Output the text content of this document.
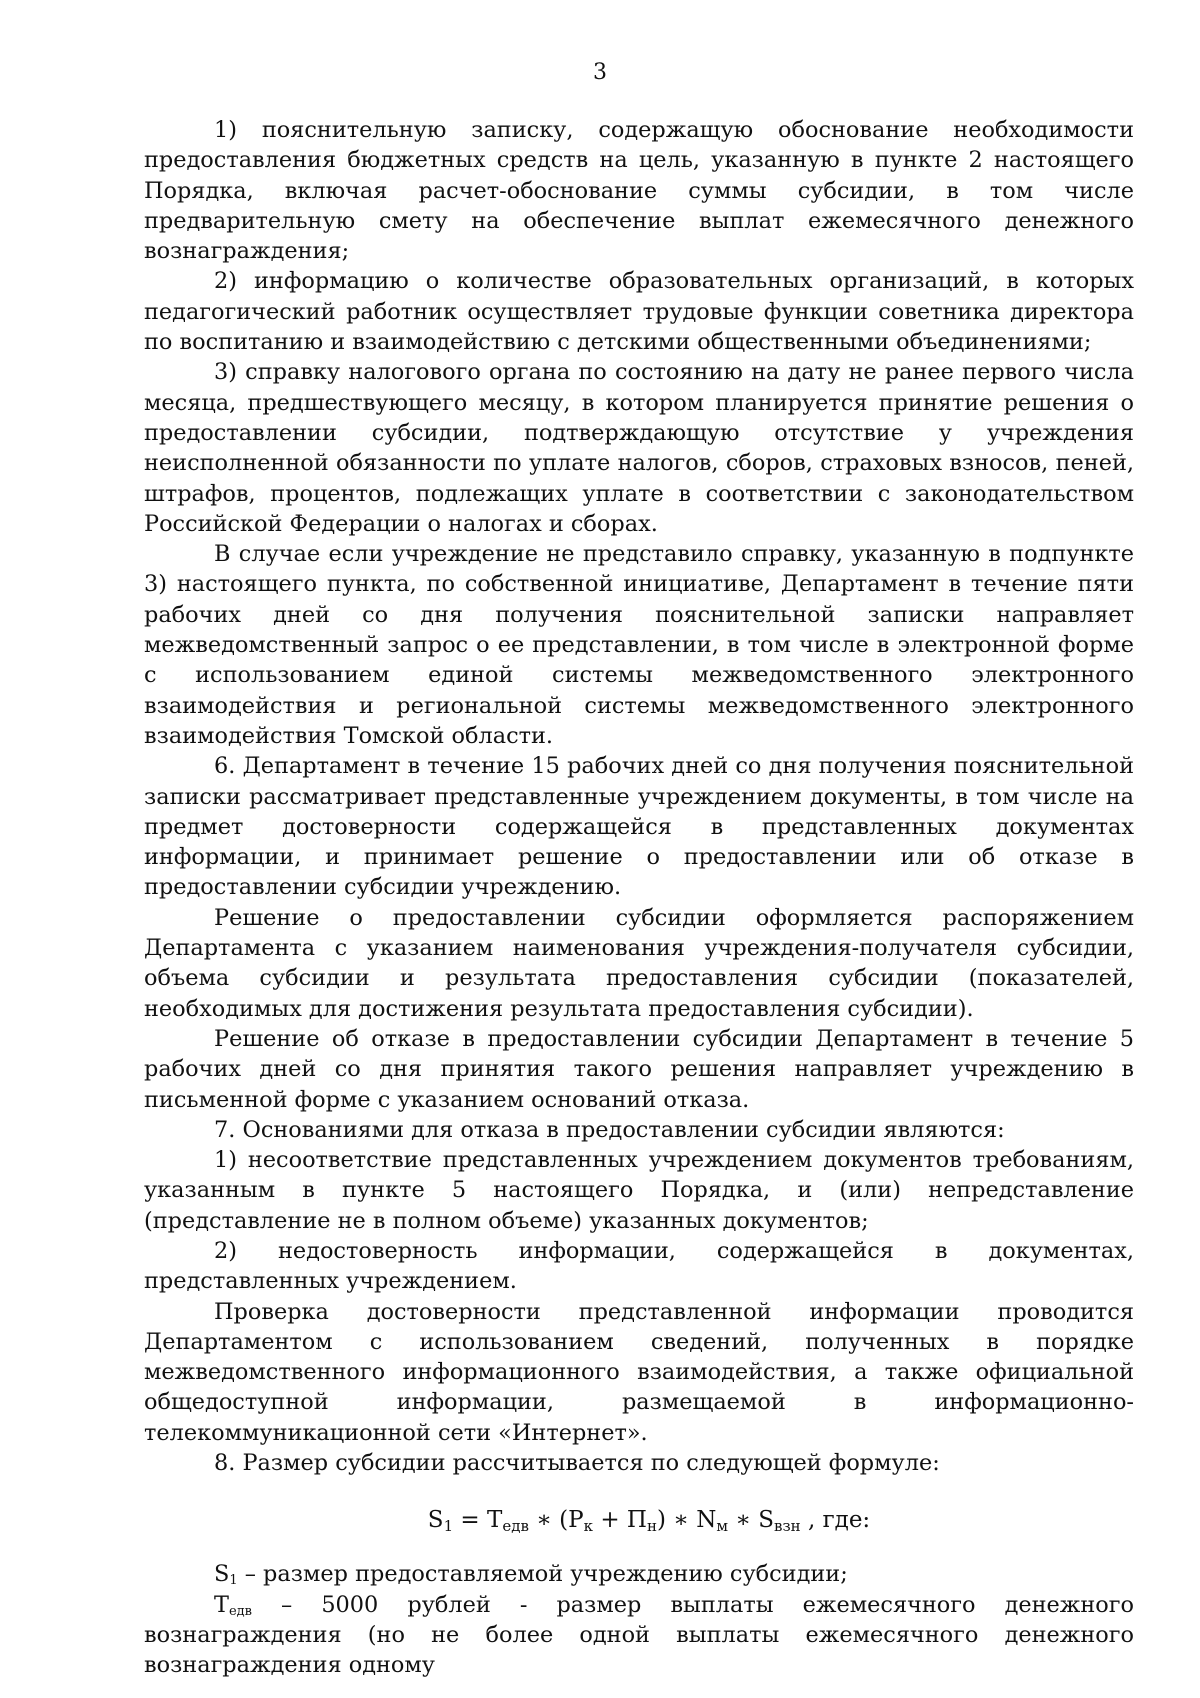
3

1) пояснительную записку, содержащую обоснование необходимости предоставления бюджетных средств на цель, указанную в пункте 2 настоящего Порядка, включая расчет-обоснование суммы субсидии, в том числе предварительную смету на обеспечение выплат ежемесячного денежного вознаграждения;

2) информацию о количестве образовательных организаций, в которых педагогический работник осуществляет трудовые функции советника директора по воспитанию и взаимодействию с детскими общественными объединениями;

3) справку налогового органа по состоянию на дату не ранее первого числа месяца, предшествующего месяцу, в котором планируется принятие решения о предоставлении субсидии, подтверждающую отсутствие у учреждения неисполненной обязанности по уплате налогов, сборов, страховых взносов, пеней, штрафов, процентов, подлежащих уплате в соответствии с законодательством Российской Федерации о налогах и сборах.

В случае если учреждение не представило справку, указанную в подпункте 3) настоящего пункта, по собственной инициативе, Департамент в течение пяти рабочих дней со дня получения пояснительной записки направляет межведомственный запрос о ее представлении, в том числе в электронной форме с использованием единой системы межведомственного электронного взаимодействия и региональной системы межведомственного электронного взаимодействия Томской области.

6. Департамент в течение 15 рабочих дней со дня получения пояснительной записки рассматривает представленные учреждением документы, в том числе на предмет достоверности содержащейся в представленных документах информации, и принимает решение о предоставлении или об отказе в предоставлении субсидии учреждению.

Решение о предоставлении субсидии оформляется распоряжением Департамента с указанием наименования учреждения-получателя субсидии, объема субсидии и результата предоставления субсидии (показателей, необходимых для достижения результата предоставления субсидии).

Решение об отказе в предоставлении субсидии Департамент в течение 5 рабочих дней со дня принятия такого решения направляет учреждению в письменной форме с указанием оснований отказа.

7. Основаниями для отказа в предоставлении субсидии являются:

1) несоответствие представленных учреждением документов требованиям, указанным в пункте 5 настоящего Порядка, и (или) непредставление (представление не в полном объеме) указанных документов;

2) недостоверность информации, содержащейся в документах, представленных учреждением.

Проверка достоверности представленной информации проводится Департаментом с использованием сведений, полученных в порядке межведомственного информационного взаимодействия, а также официальной общедоступной информации, размещаемой в информационно-телекоммуникационной сети «Интернет».

8. Размер субсидии рассчитывается по следующей формуле:

$S_1 = T_{едв}$ ∗ $(Р_к + П_н)$ ∗ $N_м$ ∗ $S_{взн}$ , где:

$S_1$ – размер предоставляемой учреждению субсидии;

$Т_{едв} - 5000$ рублей - размер выплаты ежемесячного денежного вознаграждения (но не более одной выплаты ежемесячного денежного вознаграждения одному
